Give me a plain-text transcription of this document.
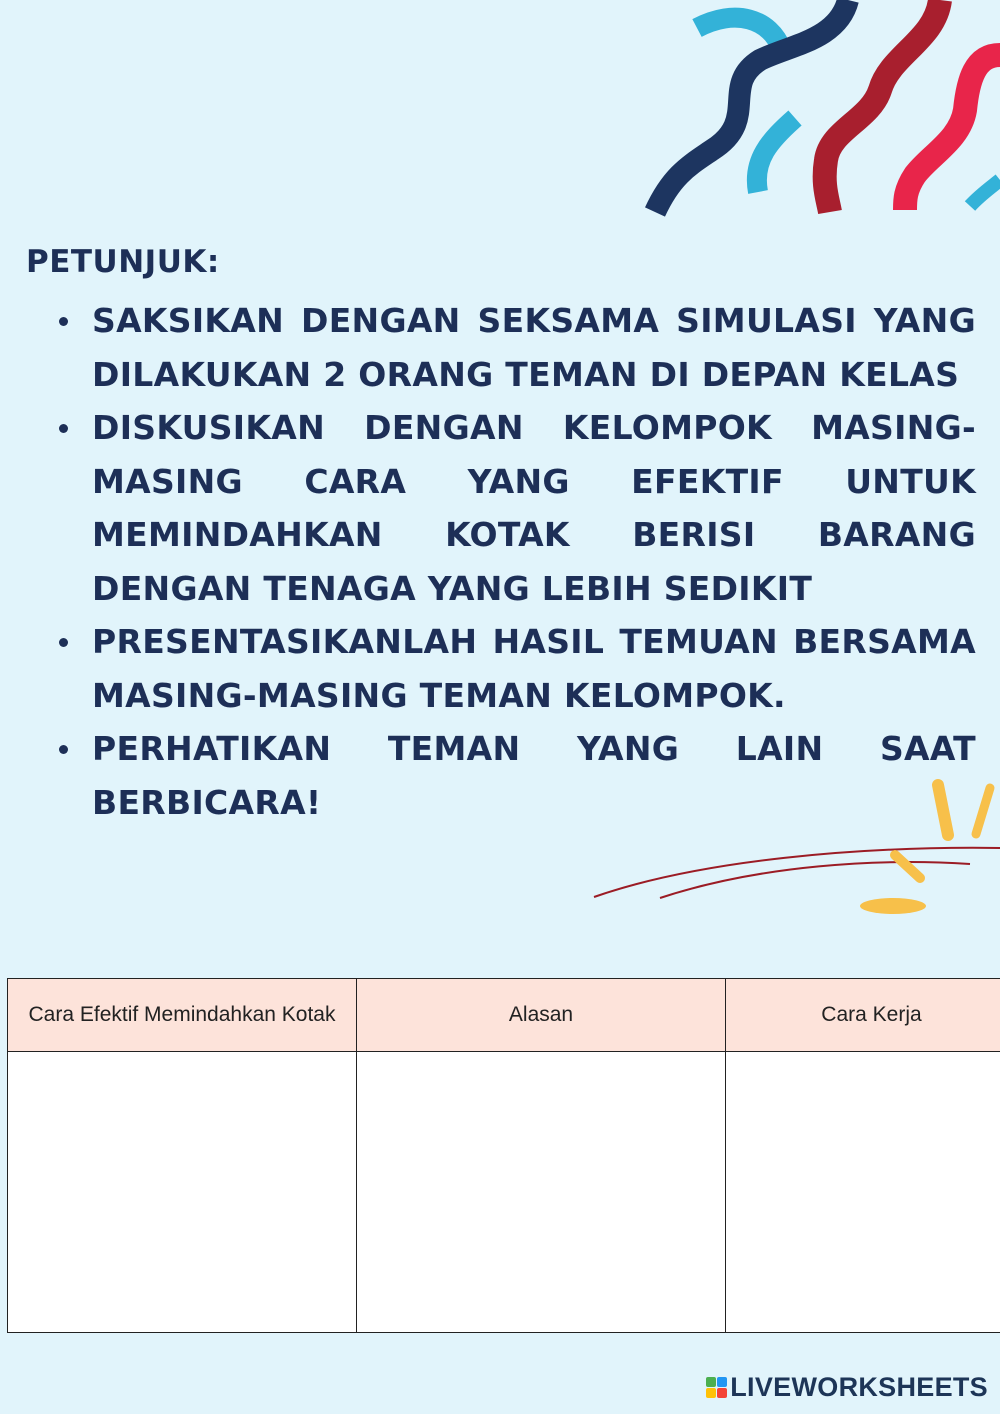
PETUNJUK:
SAKSIKAN DENGAN SEKSAMA SIMULASI YANG DILAKUKAN 2 ORANG TEMAN DI DEPAN KELAS
DISKUSIKAN DENGAN KELOMPOK MASING-MASING CARA YANG EFEKTIF UNTUK MEMINDAHKAN KOTAK BERISI BARANG DENGAN TENAGA YANG LEBIH SEDIKIT
PRESENTASIKANLAH HASIL TEMUAN BERSAMA MASING-MASING TEMAN KELOMPOK.
PERHATIKAN TEMAN YANG LAIN SAAT BERBICARA!
Cara Efektif Memindahkan Kotak	Alasan	Cara Kerja

LIVEWORKSHEETS
